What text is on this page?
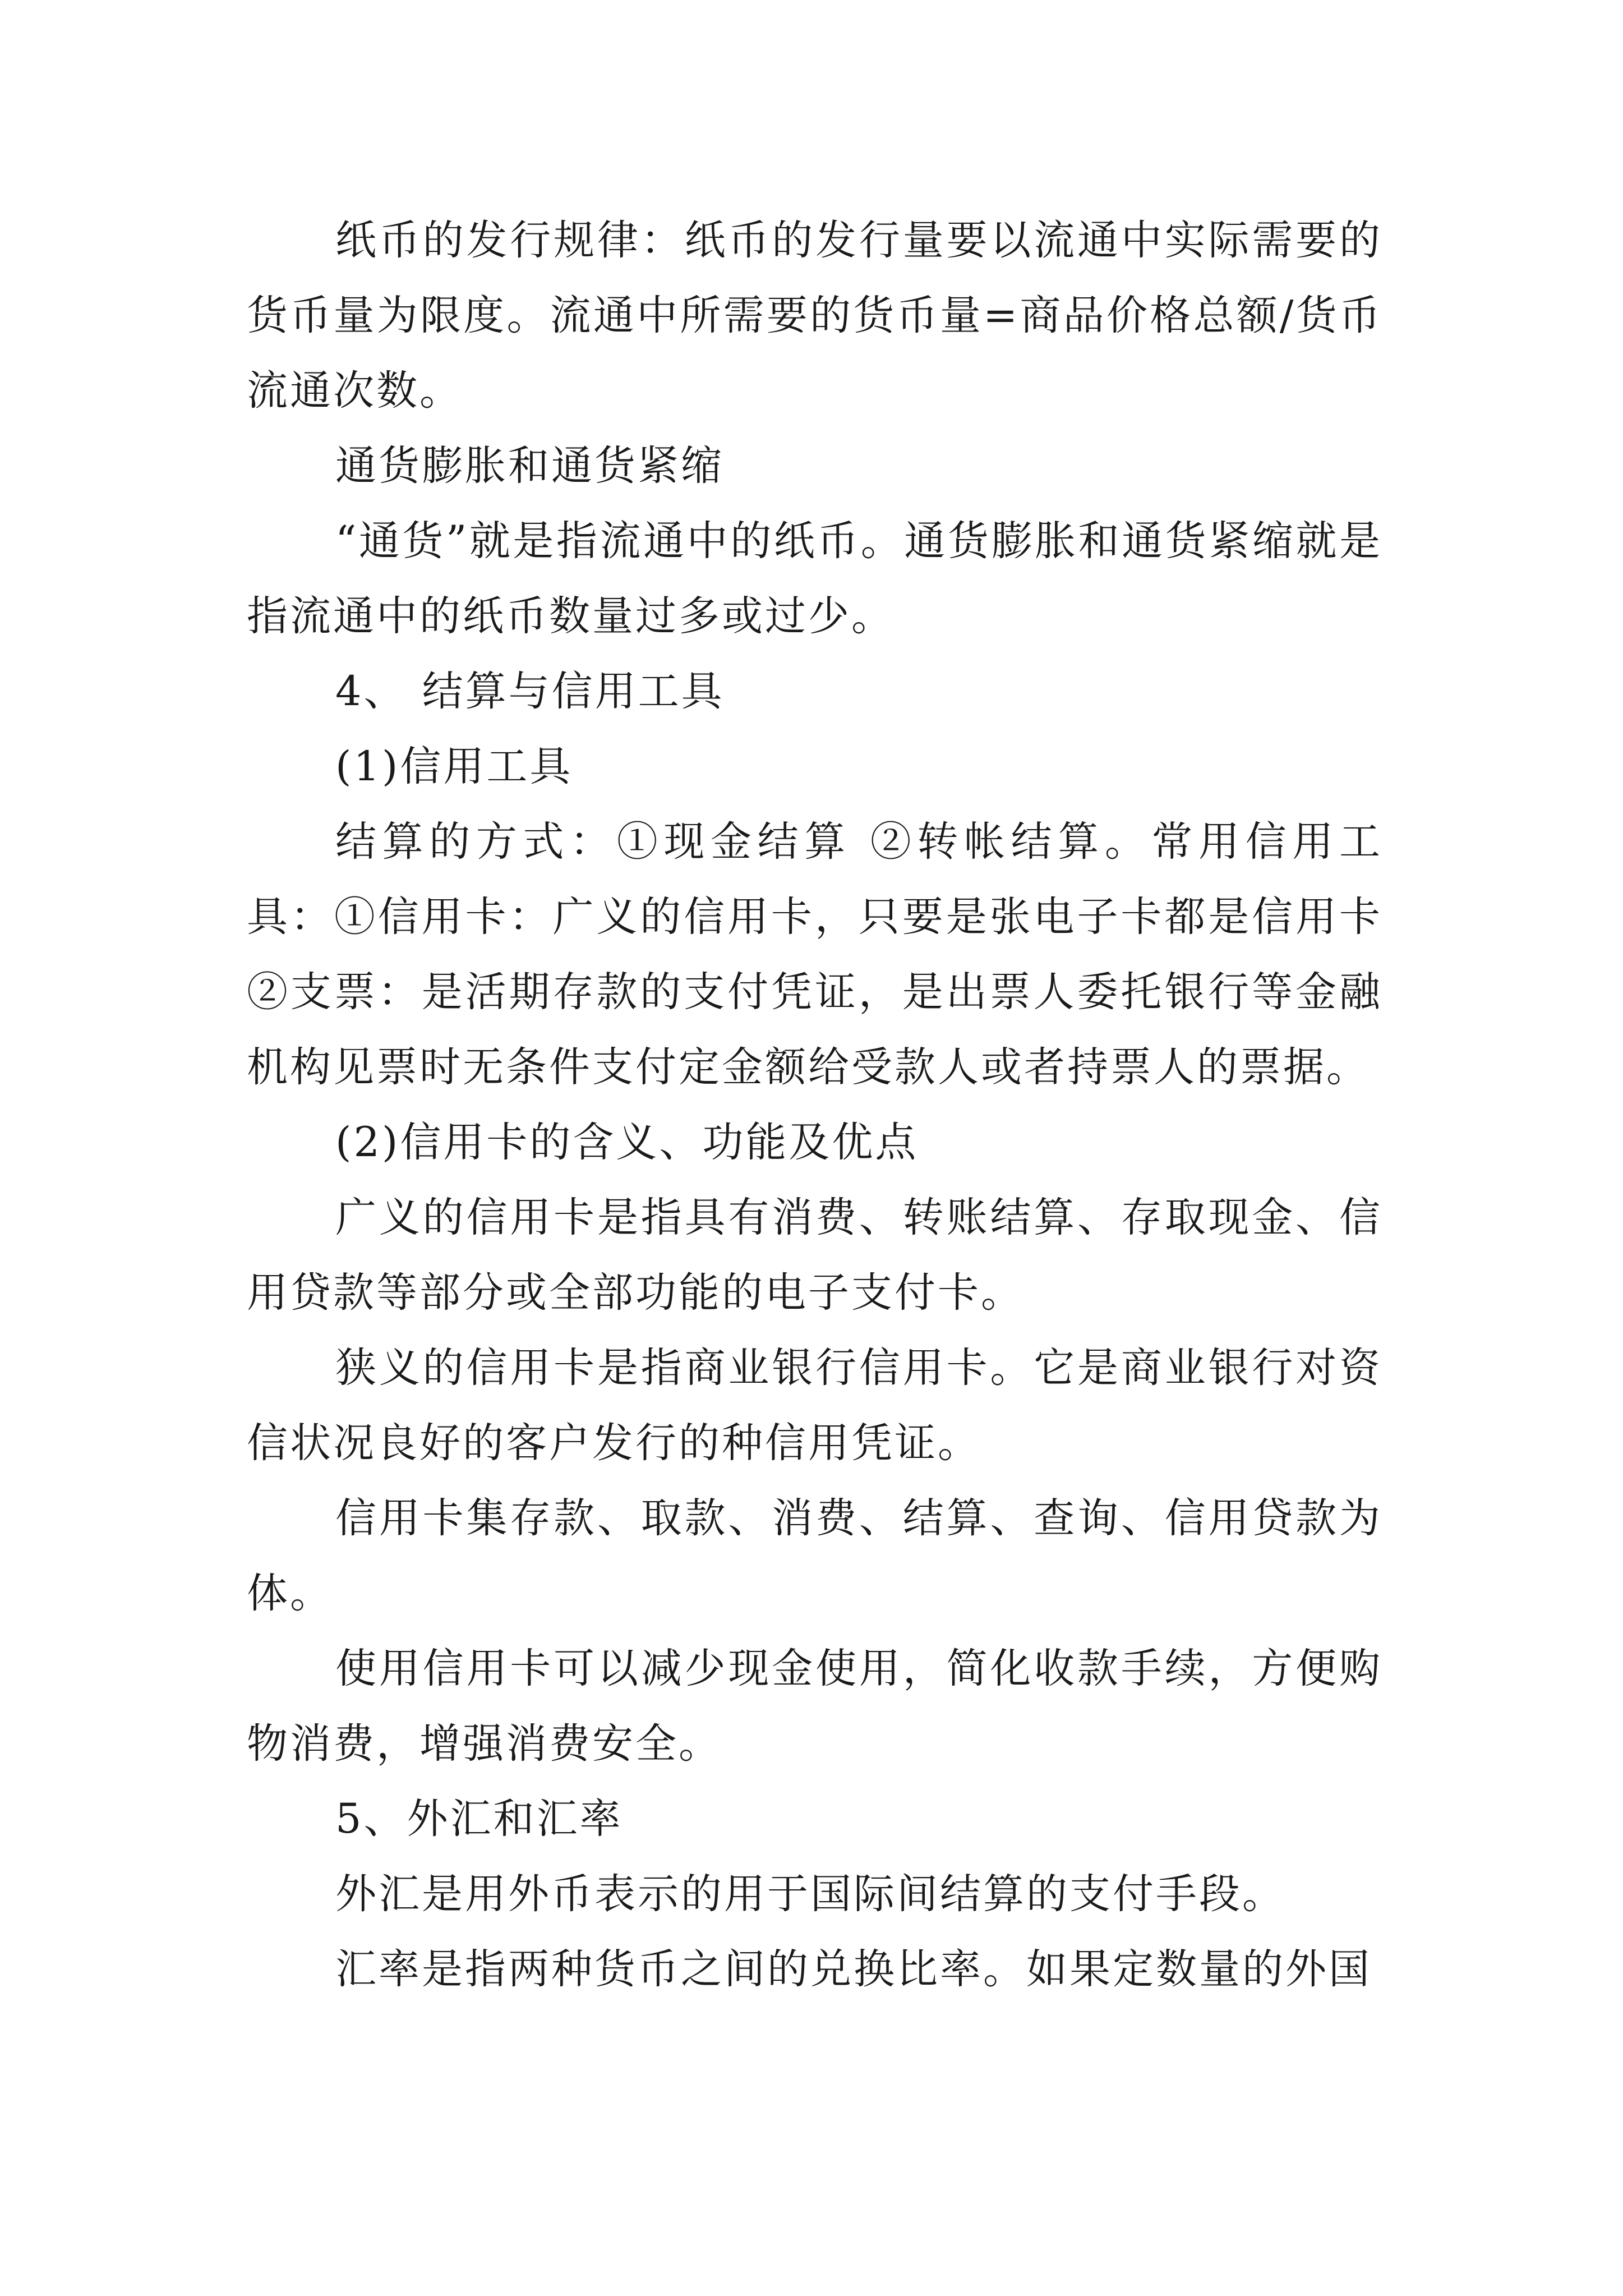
纸币的发行规律：纸币的发行量要以流通中实际需要的货币量为限度。流通中所需要的货币量=商品价格总额/货币流通次数。

通货膨胀和通货紧缩

“通货”就是指流通中的纸币。通货膨胀和通货紧缩就是指流通中的纸币数量过多或过少。

4、 结算与信用工具

(1)信用工具

结算的方式：①现金结算 ②转帐结算。常用信用工具：①信用卡：广义的信用卡，只要是张电子卡都是信用卡 ②支票：是活期存款的支付凭证，是出票人委托银行等金融机构见票时无条件支付定金额给受款人或者持票人的票据。

(2)信用卡的含义、功能及优点

广义的信用卡是指具有消费、转账结算、存取现金、信用贷款等部分或全部功能的电子支付卡。

狭义的信用卡是指商业银行信用卡。它是商业银行对资信状况良好的客户发行的种信用凭证。

信用卡集存款、取款、消费、结算、查询、信用贷款为体。

使用信用卡可以减少现金使用，简化收款手续，方便购物消费，增强消费安全。

5、外汇和汇率

外汇是用外币表示的用于国际间结算的支付手段。

汇率是指两种货币之间的兑换比率。如果定数量的外国
